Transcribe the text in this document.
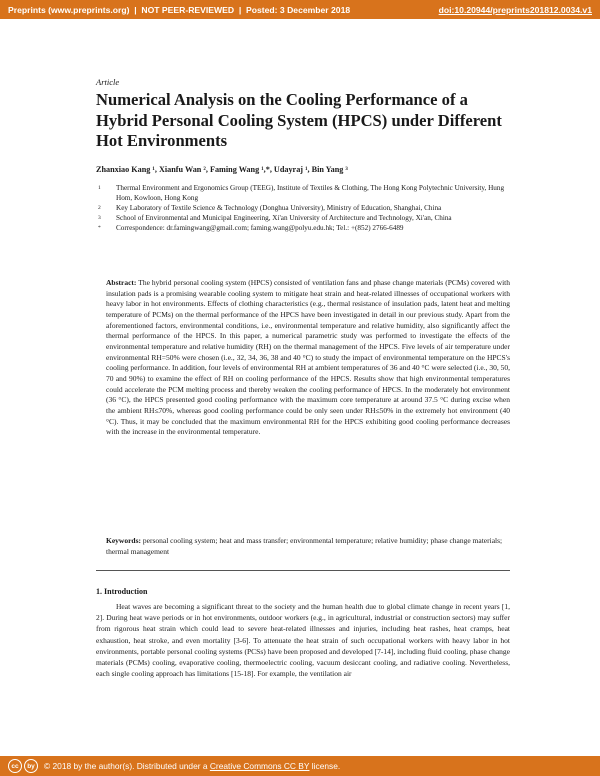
Preprints (www.preprints.org) | NOT PEER-REVIEWED | Posted: 3 December 2018	doi:10.20944/preprints201812.0034.v1
Article
Numerical Analysis on the Cooling Performance of a Hybrid Personal Cooling System (HPCS) under Different Hot Environments
Zhanxiao Kang ¹, Xianfu Wan ², Faming Wang ¹,*, Udayraj ¹, Bin Yang ³
1	Thermal Environment and Ergonomics Group (TEEG), Institute of Textiles & Clothing, The Hong Kong Polytechnic University, Hung Hom, Kowloon, Hong Kong
2	Key Laboratory of Textile Science & Technology (Donghua University), Ministry of Education, Shanghai, China
3	School of Environmental and Municipal Engineering, Xi'an University of Architecture and Technology, Xi'an, China
*	Correspondence: dr.famingwang@gmail.com; faming.wang@polyu.edu.hk; Tel.: +(852) 2766-6489

Abstract: The hybrid personal cooling system (HPCS) consisted of ventilation fans and phase change materials (PCMs) covered with insulation pads is a promising wearable cooling system to mitigate heat strain and heat-related illnesses of occupational workers with heavy labor in hot environments. Effects of clothing characteristics (e.g., thermal resistance of insulation pads, latent heat and melting temperature of PCMs) on the thermal performance of the HPCS have been investigated in detail in our previous study. Apart from the aforementioned factors, environmental conditions, i.e., environmental temperature and relative humidity, also significantly affect the thermal performance of the HPCS. In this paper, a numerical parametric study was performed to investigate the effects of the environmental temperature and relative humidity (RH) on the thermal management of the HPCS. Five levels of air temperature under environmental RH=50% were chosen (i.e., 32, 34, 36, 38 and 40 °C) to study the impact of environmental temperature on the HPCS's cooling performance. In addition, four levels of environmental RH at ambient temperatures of 36 and 40 °C were selected (i.e., 30, 50, 70 and 90%) to examine the effect of RH on cooling performance of the HPCS. Results show that high environmental temperatures could accelerate the PCM melting process and thereby weaken the cooling performance of HPCS. In the moderately hot environment (36 °C), the HPCS presented good cooling performance with the maximum core temperature at around 37.5 °C during excise when the ambient RH≤70%, whereas good cooling performance could be only seen under RH≤50% in the extremely hot environment (40 °C). Thus, it may be concluded that the maximum environmental RH for the HPCS exhibiting good cooling performance decreases with the increase in the environmental temperature.

Keywords: personal cooling system; heat and mass transfer; environmental temperature; relative humidity; phase change materials; thermal management

1. Introduction

Heat waves are becoming a significant threat to the society and the human health due to global climate change in recent years [1, 2]. During heat wave periods or in hot environments, outdoor workers (e.g., in agricultural, industrial or construction sectors) may suffer from rigorous heat strain which could lead to severe heat-related illnesses and injuries, including heat rashes, heat cramps, heat exhaustion, heat stroke, and even mortality [3-6]. To attenuate the heat strain of such occupational workers with heavy labor in hot environments, portable personal cooling systems (PCSs) have been proposed and developed [7-14], including fluid cooling, phase change materials (PCMs) cooling, evaporative cooling, thermoelectric cooling, vacuum desiccant cooling, and radiative cooling. Nevertheless, each single cooling approach has limitations [15-18]. For example, the ventilation air

cc	by	© 2018 by the author(s). Distributed under a
Creative Commons CC BY
license.
